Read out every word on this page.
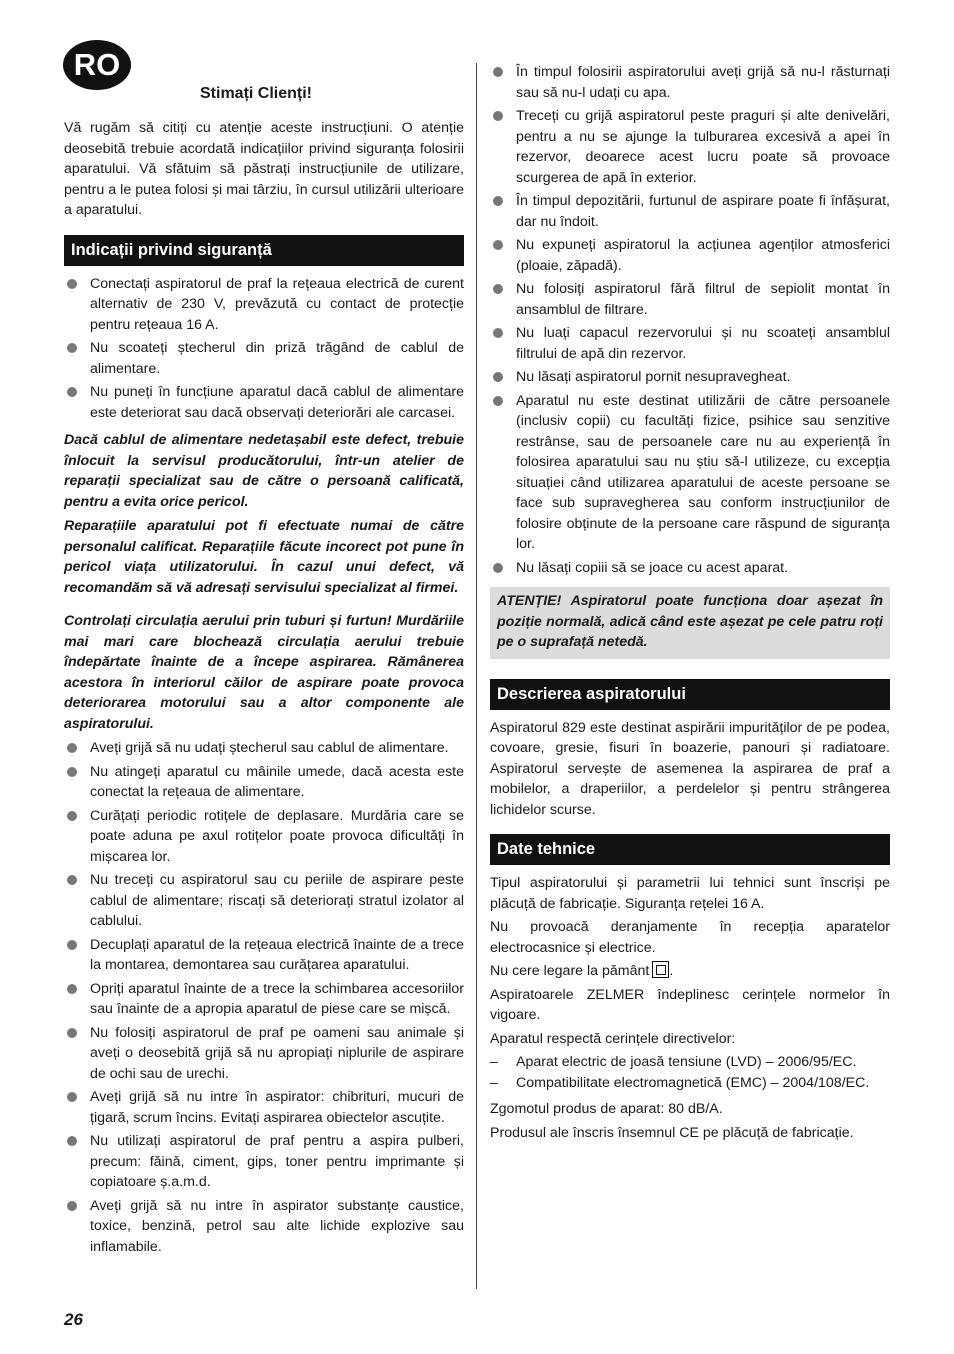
RO
Stimați Clienți!

Vă rugăm să citiți cu atenție aceste instrucțiuni. O atenție deosebită trebuie acordată indicațiilor privind siguranța folosirii aparatului. Vă sfătuim să păstrați instrucțiunile de utilizare, pentru a le putea folosi și mai târziu, în cursul utilizării ulterioare a aparatului.

Indicații privind siguranță
Conectați aspiratorul de praf la rețeaua electrică de curent alternativ de 230 V, prevăzută cu contact de protecție pentru rețeaua 16 A.
Nu scoateți ștecherul din priză trăgând de cablul de alimentare.
Nu puneți în funcțiune aparatul dacă cablul de alimentare este deteriorat sau dacă observați deteriorări ale carcasei.

Dacă cablul de alimentare nedetașabil este defect, trebuie înlocuit la servisul producătorului, într-un atelier de reparații specializat sau de către o persoană calificată, pentru a evita orice pericol.

Reparațiile aparatului pot fi efectuate numai de către personalul calificat. Reparațiile făcute incorect pot pune în pericol viața utilizatorului. În cazul unui defect, vă recomandăm să vă adresați servisului specializat al firmei.

Controlați circulația aerului prin tuburi și furtun! Murdăriile mai mari care blochează circulația aerului trebuie îndepărtate înainte de a începe aspirarea. Rămânerea acestora în interiorul căilor de aspirare poate provoca deteriorarea motorului sau a altor componente ale aspiratorului.

Aveți grijă să nu udați ștecherul sau cablul de alimentare.
Nu atingeți aparatul cu mâinile umede, dacă acesta este conectat la rețeaua de alimentare.
Curățați periodic rotițele de deplasare. Murdăria care se poate aduna pe axul rotițelor poate provoca dificultăți în mișcarea lor.
Nu treceți cu aspiratorul sau cu periile de aspirare peste cablul de alimentare; riscați să deteriorați stratul izolator al cablului.
Decuplați aparatul de la rețeaua electrică înainte de a trece la montarea, demontarea sau curățarea aparatului.
Opriți aparatul înainte de a trece la schimbarea accesoriilor sau înainte de a apropia aparatul de piese care se mișcă.
Nu folosiți aspiratorul de praf pe oameni sau animale și aveți o deosebită grijă să nu apropiați niplurile de aspirare de ochi sau de urechi.
Aveți grijă să nu intre în aspirator: chibrituri, mucuri de țigară, scrum încins. Evitați aspirarea obiectelor ascuțite.
Nu utilizați aspiratorul de praf pentru a aspira pulberi, precum: făină, ciment, gips, toner pentru imprimante și copiatoare ș.a.m.d.
Aveți grijă să nu intre în aspirator substanțe caustice, toxice, benzină, petrol sau alte lichide explozive sau inflamabile.
În timpul folosirii aspiratorului aveți grijă să nu-l răsturnați sau să nu-l udați cu apa.
Treceți cu grijă aspiratorul peste praguri și alte denivelări, pentru a nu se ajunge la tulburarea excesivă a apei în rezervor, deoarece acest lucru poate să provoace scurgerea de apă în exterior.
În timpul depozitării, furtunul de aspirare poate fi înfășurat, dar nu îndoit.
Nu expuneți aspiratorul la acțiunea agenților atmosferici (ploaie, zăpadă).
Nu folosiți aspiratorul fără filtrul de sepiolit montat în ansamblul de filtrare.
Nu luați capacul rezervorului și nu scoateți ansamblul filtrului de apă din rezervor.
Nu lăsați aspiratorul pornit nesupravegheat.
Aparatul nu este destinat utilizării de către persoanele (inclusiv copii) cu facultăți fizice, psihice sau senzitive restrânse, sau de persoanele care nu au experiență în folosirea aparatului sau nu știu să-l utilizeze, cu excepția situației când utilizarea aparatului de aceste persoane se face sub supravegherea sau conform instrucțiunilor de folosire obținute de la persoane care răspund de siguranța lor.
Nu lăsați copiii să se joace cu acest aparat.
ATENȚIE! Aspiratorul poate funcționa doar așezat în poziție normală, adică când este așezat pe cele patru roți pe o suprafață netedă.
Descrierea aspiratorului

Aspiratorul 829 este destinat aspirării impurităților de pe podea, covoare, gresie, fisuri în boazerie, panouri și radiatoare. Aspiratorul servește de asemenea la aspirarea de praf a mobilelor, a draperiilor, a perdelelor și pentru strângerea lichidelor scurse.

Date tehnice

Tipul aspiratorului și parametrii lui tehnici sunt înscriși pe plăcuță de fabricație. Siguranța rețelei 16 A.

Nu provoacă deranjamente în recepția aparatelor electrocasnice și electrice.

Nu cere legare la pământ .

Aspiratoarele ZELMER îndeplinesc cerințele normelor în vigoare.

Aparatul respectă cerințele directivelor:

– Aparat electric de joasă tensiune (LVD) – 2006/95/EC.
– Compatibilitate electromagnetică (EMC) – 2004/108/EC.

Zgomotul produs de aparat: 80 dB/A.

Produsul ale înscris însemnul CE pe plăcuță de fabricație.

26
